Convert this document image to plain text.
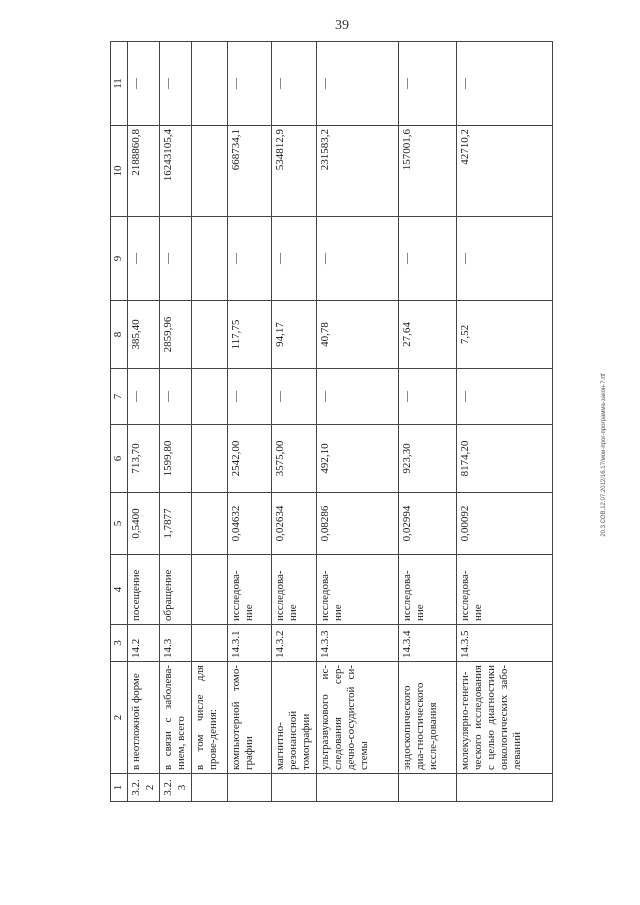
39
20.3.СОВ.12.07.2012/16.17/мои-прог-программа-закон-7.rtf
1	2	3	4	5	6	7	8	9	10	11
3.2.2	в неотложной форме	14.2	посещение	0,5400	713,70	—	385,40	—	2188860,8	—
3.2.3	в связи с заболева-нием, всего	14.3	обращение	1,7877	1599,80	—	2859,96	—	16243105,4	—
	в том числе для прове-дения:									
	компьютерной томо-графии	14.3.1	исследова-ние	0,04632	2542,00	—	117,75	—	668734,1	—
	магнитно-резонансной томографии	14.3.2	исследова-ние	0,02634	3575,00	—	94,17	—	534812,9	—
	ультразвукового ис-следования сер-дечно-сосудистой си-стемы	14.3.3	исследова-ние	0,08286	492,10	—	40,78	—	231583,2	—
	эндоскопического диа-гностического иссле-дования	14.3.4	исследова-ние	0,02994	923,30	—	27,64	—	157001,6	—
	молекулярно-генети-ческого исследования с целью диагностики онкологических забо-леваний	14.3.5	исследова-ние	0,00092	8174,20	—	7,52	—	42710,2	—
